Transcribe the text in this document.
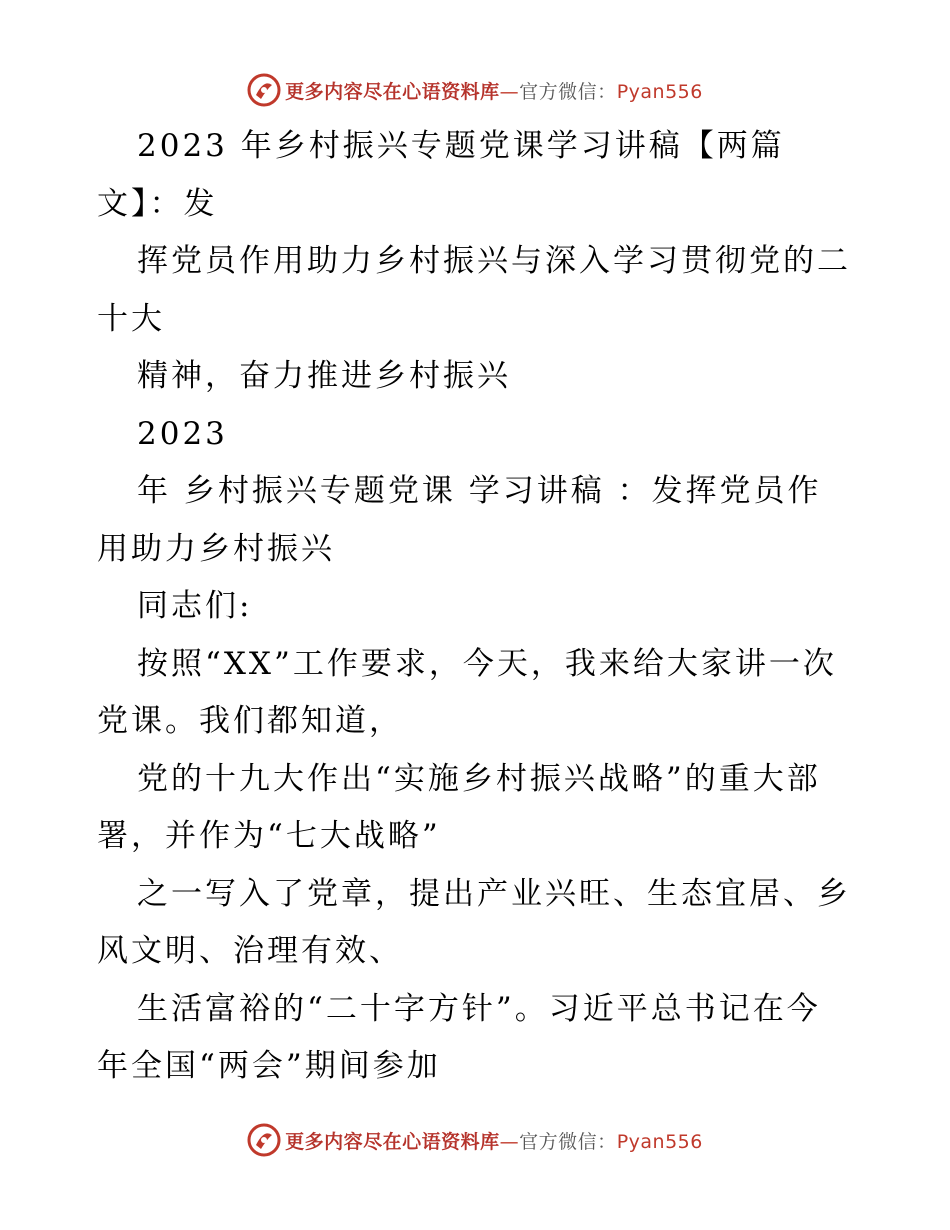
更多内容尽在心语资料库—官方微信：Pyan556
2023 年乡村振兴专题党课学习讲稿【两篇
文】：发
挥党员作用助力乡村振兴与深入学习贯彻党的二
十大
精神，奋力推进乡村振兴
2023
年 乡村振兴专题党课 学习讲稿 ：发挥党员作
用助力乡村振兴
同志们:
按照“XX”工作要求，今天，我来给大家讲一次
党课。我们都知道，
党的十九大作出“实施乡村振兴战略”的重大部
署，并作为“七大战略”
之一写入了党章，提出产业兴旺、生态宜居、乡
风文明、治理有效、
生活富裕的“二十字方针”。习近平总书记在今
年全国“两会”期间参加
更多内容尽在心语资料库—官方微信：Pyan556
